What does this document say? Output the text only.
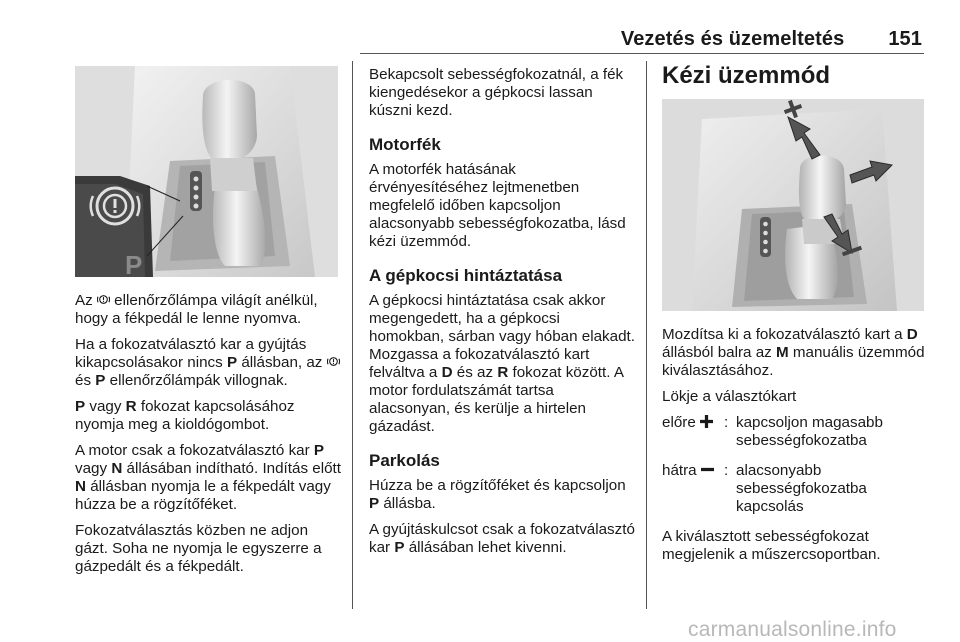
Vezetés és üzemeltetés 151
P

Az  ellenőrzőlámpa világít anélkül, hogy a fékpedál le lenne nyomva.

Ha a fokozatválasztó kar a gyújtás kikapcsolásakor nincs P állásban, az  és P ellenőrzőlámpák villognak.

P vagy R fokozat kapcsolásához nyomja meg a kioldógombot.

A motor csak a fokozatválasztó kar P vagy N állásában indítható. Indítás előtt N állásban nyomja le a fékpedált vagy húzza be a rögzítőféket.

Fokozatválasztás közben ne adjon gázt. Soha ne nyomja le egyszerre a gázpedált és a fékpedált.

Bekapcsolt sebességfokozatnál, a fék kiengedésekor a gépkocsi lassan kúszni kezd.

Motorfék

A motorfék hatásának érvényesítéséhez lejtmenetben megfelelő időben kapcsoljon alacsonyabb sebességfokozatba, lásd kézi üzemmód.

A gépkocsi hintáztatása

A gépkocsi hintáztatása csak akkor megengedett, ha a gépkocsi homokban, sárban vagy hóban elakadt. Mozgassa a fokozatválasztó kart felváltva a D és az R fokozat között. A motor fordulatszámát tartsa alacsonyan, és kerülje a hirtelen gázadást.

Parkolás

Húzza be a rögzítőféket és kapcsoljon P állásba.

A gyújtáskulcsot csak a fokozatválasztó kar P állásában lehet kivenni.

Kézi üzemmód

Mozdítsa ki a fokozatválasztó kart a D állásból balra az M manuális üzemmód kiválasztásához.

Lökje a választókart

előre	: kapcsoljon magasabb sebességfokozatba
hátra	: alacsonyabb sebességfokozatba kapcsolás

A kiválasztott sebességfokozat megjelenik a műszercsoportban.

carmanualsonline.info
